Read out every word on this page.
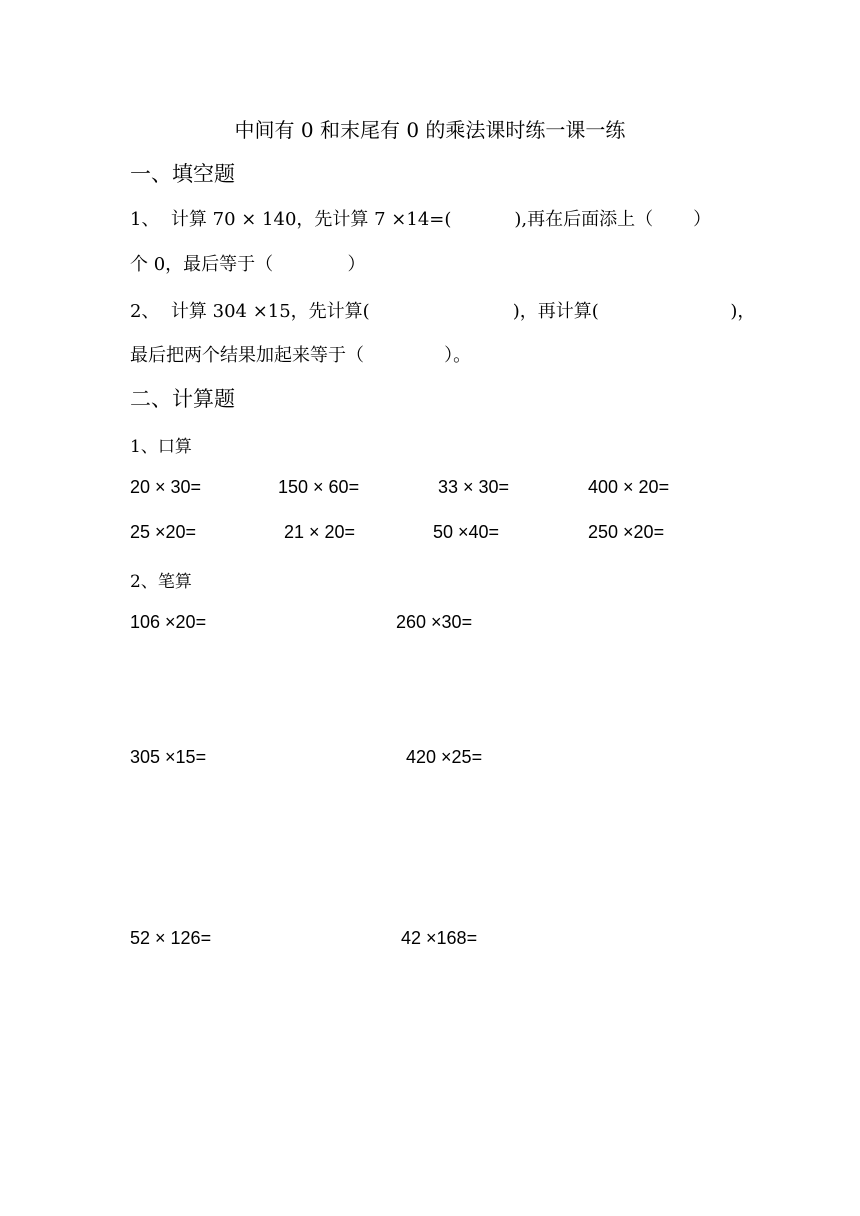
中间有 0 和末尾有 0 的乘法课时练一课一练
一、填空题
1、  计算 70 × 140，先计算 7 ×14=(           ),再在后面添上（       ）
个 0，最后等于（             ）
2、  计算 304 ×15，先计算(                         )，再计算(                       )，
最后把两个结果加起来等于（              ）。
二、计算题
1、口算
20 × 30=	150 × 60=	33 × 30=	400 × 20=
25 ×20=	21 × 20=	50 ×40=	250 ×20=
2、笔算
106 ×20=	260 ×30=
305 ×15=	420 ×25=
52 × 126=	42 ×168=
